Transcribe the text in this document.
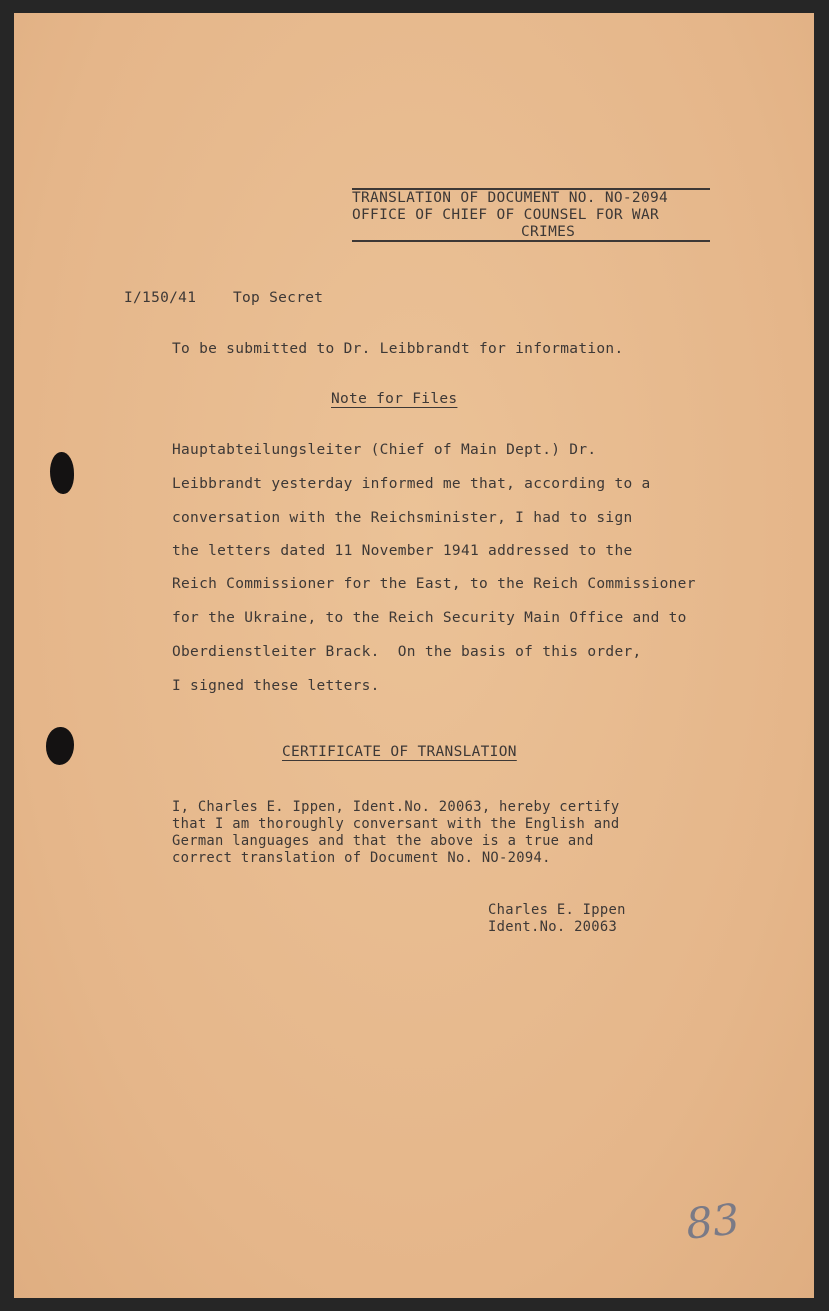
TRANSLATION OF DOCUMENT NO. NO-2094
OFFICE OF CHIEF OF COUNSEL FOR WAR
CRIMES
I/150/41	Top Secret
To be submitted to Dr. Leibbrandt for information.
Note for Files
Hauptabteilungsleiter (Chief of Main Dept.) Dr.
Leibbrandt yesterday informed me that, according to a
conversation with the Reichsminister, I had to sign
the letters dated 11 November 1941 addressed to the
Reich Commissioner for the East, to the Reich Commissioner
for the Ukraine, to the Reich Security Main Office and to
Oberdienstleiter Brack.  On the basis of this order,
I signed these letters.
CERTIFICATE OF TRANSLATION
I, Charles E. Ippen, Ident.No. 20063, hereby certify
that I am thoroughly conversant with the English and
German languages and that the above is a true and
correct translation of Document No. NO-2094.
Charles E. Ippen
Ident.No. 20063
83
